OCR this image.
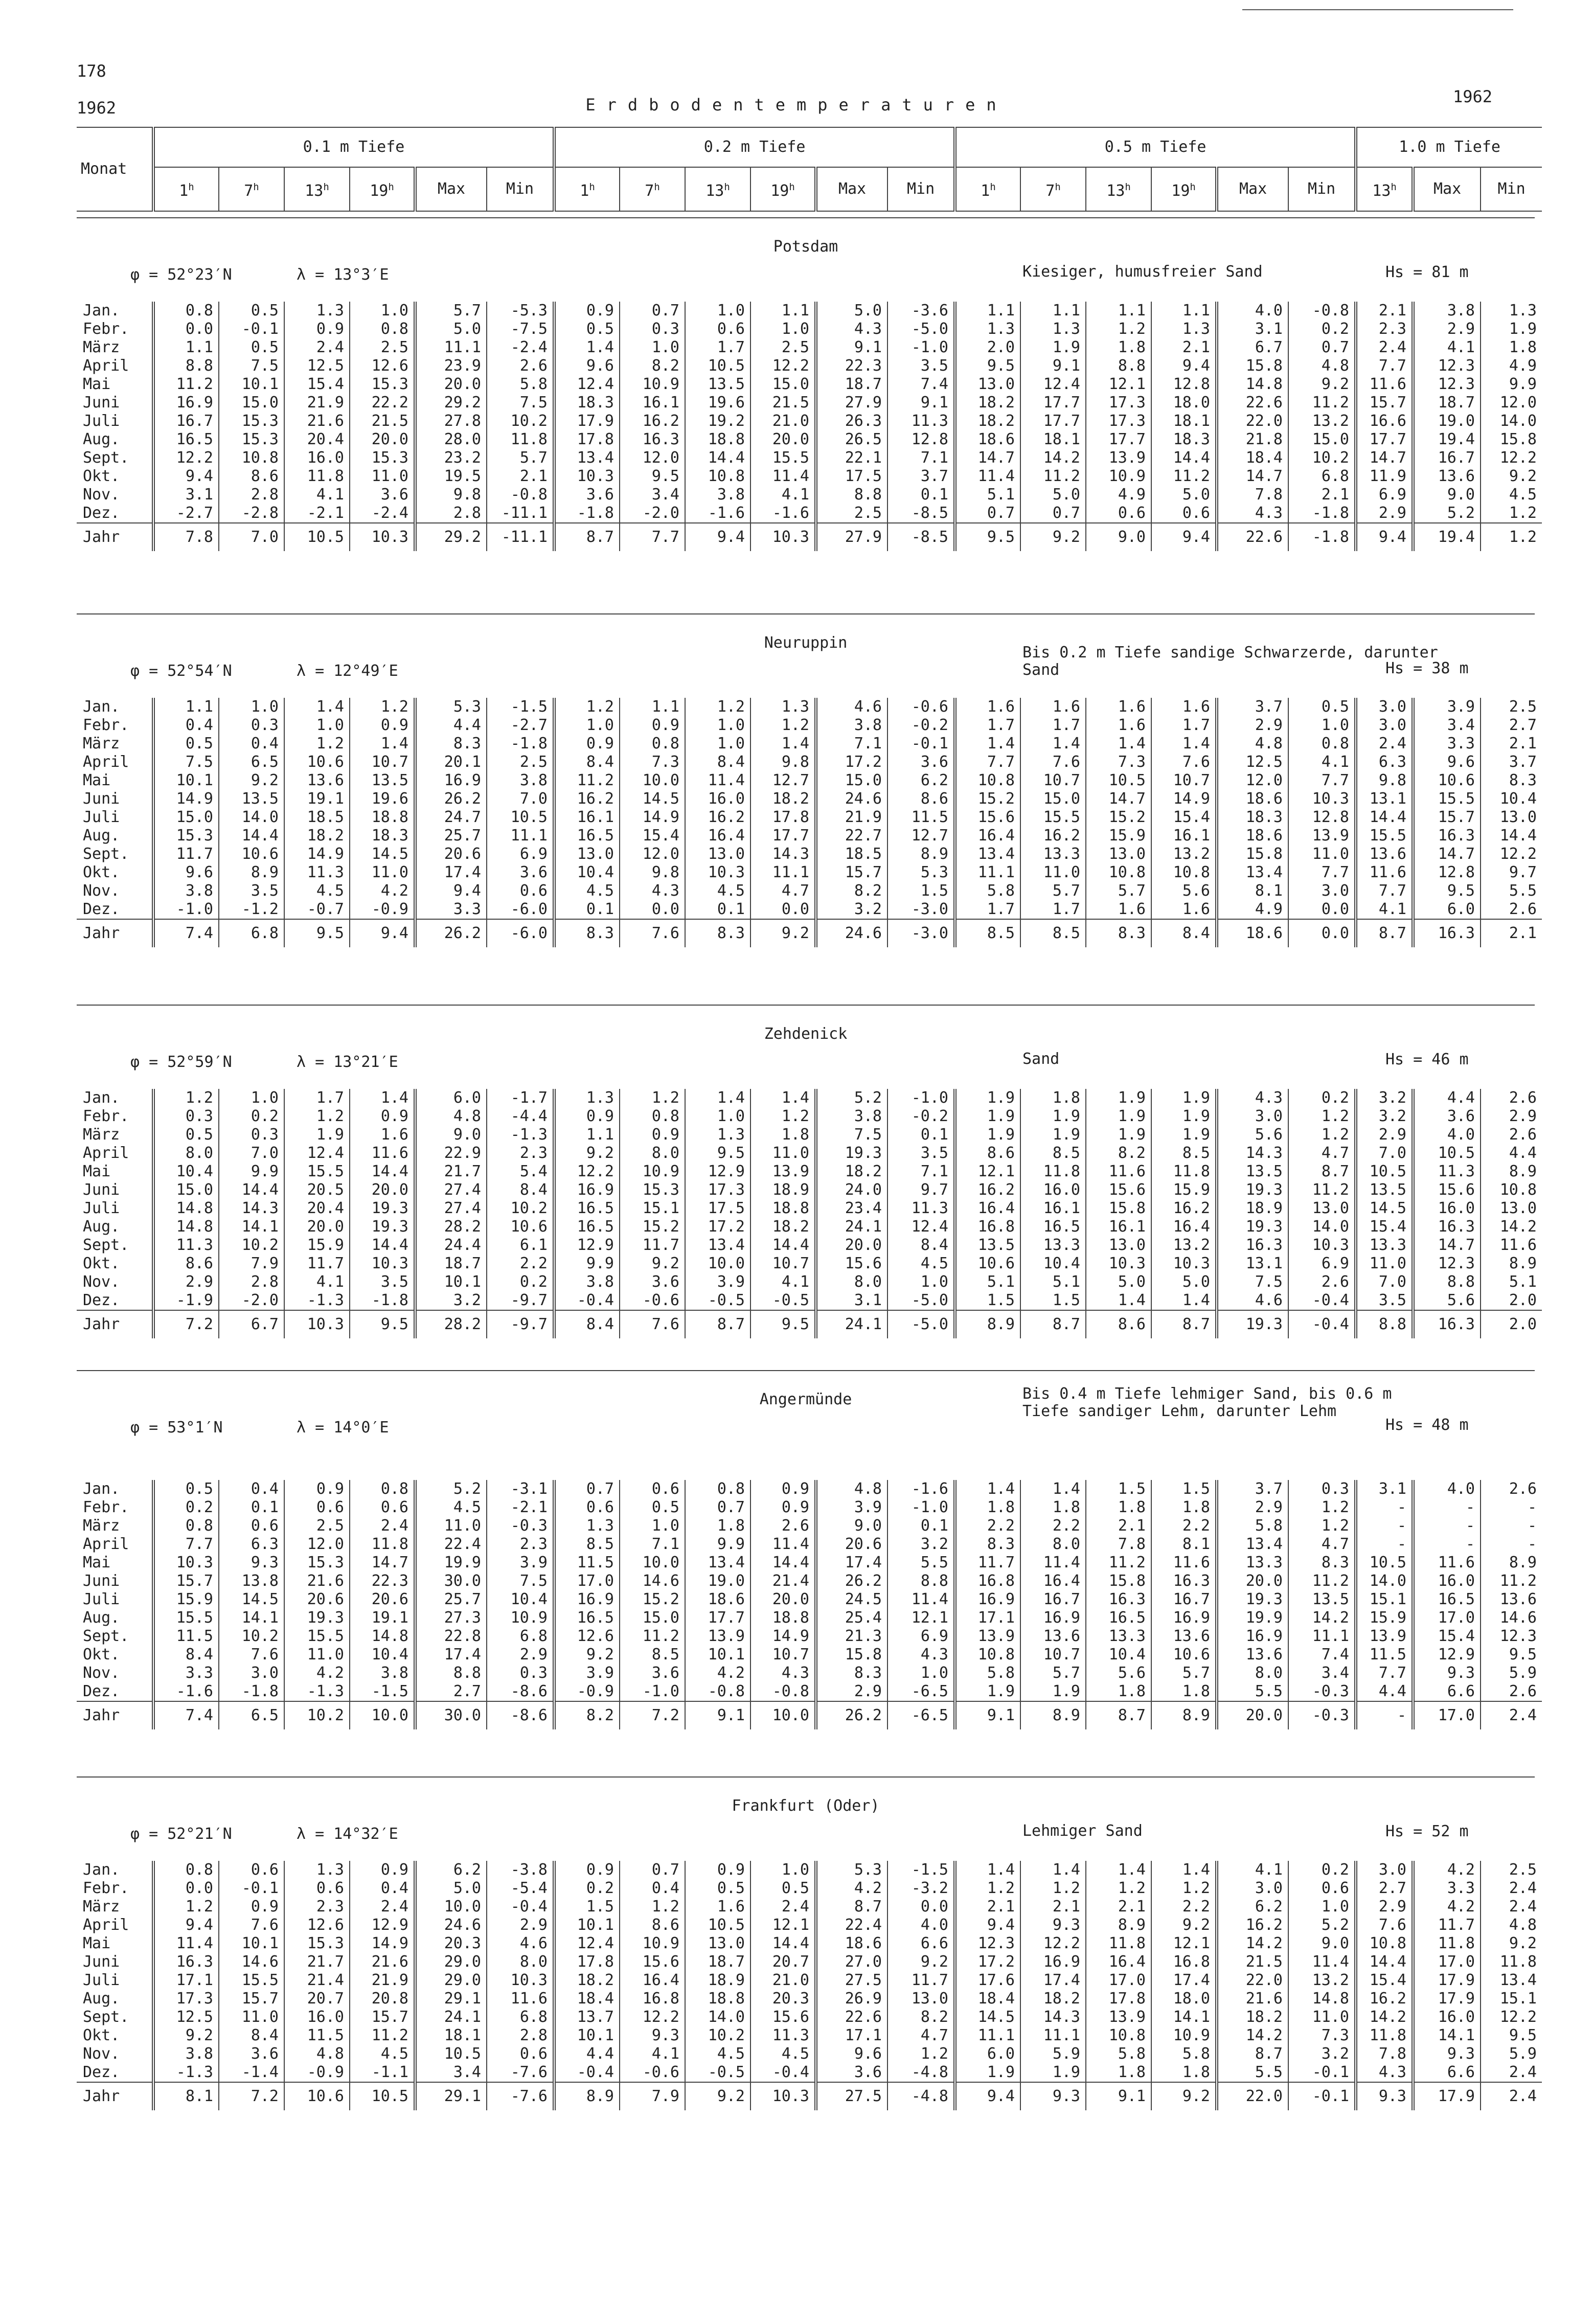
178
1962	Erdbodentemperaturen	1962
Monat	0.1 m Tiefe						0.2 m Tiefe						0.5 m Tiefe						1.0 m Tiefe		
	1$^h$	7$^h$	13$^h$	19$^h$	Max	Min	1$^h$	7$^h$	13$^h$	19$^h$	Max	Min	1$^h$	7$^h$	13$^h$	19$^h$	Max	Min	13$^h$	Max	Min
Potsdam
φ = 52°23′N	λ = 13°3′E	Kiesiger, humusfreier Sand	Hs = 81 m
Jan.	0.8	0.5	1.3	1.0	5.7	-5.3	0.9	0.7	1.0	1.1	5.0	-3.6	1.1	1.1	1.1	1.1	4.0	-0.8	2.1	3.8	1.3
Febr.	0.0	-0.1	0.9	0.8	5.0	-7.5	0.5	0.3	0.6	1.0	4.3	-5.0	1.3	1.3	1.2	1.3	3.1	0.2	2.3	2.9	1.9
März	1.1	0.5	2.4	2.5	11.1	-2.4	1.4	1.0	1.7	2.5	9.1	-1.0	2.0	1.9	1.8	2.1	6.7	0.7	2.4	4.1	1.8
April	8.8	7.5	12.5	12.6	23.9	2.6	9.6	8.2	10.5	12.2	22.3	3.5	9.5	9.1	8.8	9.4	15.8	4.8	7.7	12.3	4.9
Mai	11.2	10.1	15.4	15.3	20.0	5.8	12.4	10.9	13.5	15.0	18.7	7.4	13.0	12.4	12.1	12.8	14.8	9.2	11.6	12.3	9.9
Juni	16.9	15.0	21.9	22.2	29.2	7.5	18.3	16.1	19.6	21.5	27.9	9.1	18.2	17.7	17.3	18.0	22.6	11.2	15.7	18.7	12.0
Juli	16.7	15.3	21.6	21.5	27.8	10.2	17.9	16.2	19.2	21.0	26.3	11.3	18.2	17.7	17.3	18.1	22.0	13.2	16.6	19.0	14.0
Aug.	16.5	15.3	20.4	20.0	28.0	11.8	17.8	16.3	18.8	20.0	26.5	12.8	18.6	18.1	17.7	18.3	21.8	15.0	17.7	19.4	15.8
Sept.	12.2	10.8	16.0	15.3	23.2	5.7	13.4	12.0	14.4	15.5	22.1	7.1	14.7	14.2	13.9	14.4	18.4	10.2	14.7	16.7	12.2
Okt.	9.4	8.6	11.8	11.0	19.5	2.1	10.3	9.5	10.8	11.4	17.5	3.7	11.4	11.2	10.9	11.2	14.7	6.8	11.9	13.6	9.2
Nov.	3.1	2.8	4.1	3.6	9.8	-0.8	3.6	3.4	3.8	4.1	8.8	0.1	5.1	5.0	4.9	5.0	7.8	2.1	6.9	9.0	4.5
Dez.	-2.7	-2.8	-2.1	-2.4	2.8	-11.1	-1.8	-2.0	-1.6	-1.6	2.5	-8.5	0.7	0.7	0.6	0.6	4.3	-1.8	2.9	5.2	1.2
Jahr	7.8	7.0	10.5	10.3	29.2	-11.1	8.7	7.7	9.4	10.3	27.9	-8.5	9.5	9.2	9.0	9.4	22.6	-1.8	9.4	19.4	1.2
Neuruppin
φ = 52°54′N	λ = 12°49′E
Bis 0.2 m Tiefe sandige Schwarzerde, darunter Sand	Hs = 38 m
Jan.	1.1	1.0	1.4	1.2	5.3	-1.5	1.2	1.1	1.2	1.3	4.6	-0.6	1.6	1.6	1.6	1.6	3.7	0.5	3.0	3.9	2.5
Febr.	0.4	0.3	1.0	0.9	4.4	-2.7	1.0	0.9	1.0	1.2	3.8	-0.2	1.7	1.7	1.6	1.7	2.9	1.0	3.0	3.4	2.7
März	0.5	0.4	1.2	1.4	8.3	-1.8	0.9	0.8	1.0	1.4	7.1	-0.1	1.4	1.4	1.4	1.4	4.8	0.8	2.4	3.3	2.1
April	7.5	6.5	10.6	10.7	20.1	2.5	8.4	7.3	8.4	9.8	17.2	3.6	7.7	7.6	7.3	7.6	12.5	4.1	6.3	9.6	3.7
Mai	10.1	9.2	13.6	13.5	16.9	3.8	11.2	10.0	11.4	12.7	15.0	6.2	10.8	10.7	10.5	10.7	12.0	7.7	9.8	10.6	8.3
Juni	14.9	13.5	19.1	19.6	26.2	7.0	16.2	14.5	16.0	18.2	24.6	8.6	15.2	15.0	14.7	14.9	18.6	10.3	13.1	15.5	10.4
Juli	15.0	14.0	18.5	18.8	24.7	10.5	16.1	14.9	16.2	17.8	21.9	11.5	15.6	15.5	15.2	15.4	18.3	12.8	14.4	15.7	13.0
Aug.	15.3	14.4	18.2	18.3	25.7	11.1	16.5	15.4	16.4	17.7	22.7	12.7	16.4	16.2	15.9	16.1	18.6	13.9	15.5	16.3	14.4
Sept.	11.7	10.6	14.9	14.5	20.6	6.9	13.0	12.0	13.0	14.3	18.5	8.9	13.4	13.3	13.0	13.2	15.8	11.0	13.6	14.7	12.2
Okt.	9.6	8.9	11.3	11.0	17.4	3.6	10.4	9.8	10.3	11.1	15.7	5.3	11.1	11.0	10.8	10.8	13.4	7.7	11.6	12.8	9.7
Nov.	3.8	3.5	4.5	4.2	9.4	0.6	4.5	4.3	4.5	4.7	8.2	1.5	5.8	5.7	5.7	5.6	8.1	3.0	7.7	9.5	5.5
Dez.	-1.0	-1.2	-0.7	-0.9	3.3	-6.0	0.1	0.0	0.1	0.0	3.2	-3.0	1.7	1.7	1.6	1.6	4.9	0.0	4.1	6.0	2.6
Jahr	7.4	6.8	9.5	9.4	26.2	-6.0	8.3	7.6	8.3	9.2	24.6	-3.0	8.5	8.5	8.3	8.4	18.6	0.0	8.7	16.3	2.1
Zehdenick
φ = 52°59′N	λ = 13°21′E	Sand	Hs = 46 m
Jan.	1.2	1.0	1.7	1.4	6.0	-1.7	1.3	1.2	1.4	1.4	5.2	-1.0	1.9	1.8	1.9	1.9	4.3	0.2	3.2	4.4	2.6
Febr.	0.3	0.2	1.2	0.9	4.8	-4.4	0.9	0.8	1.0	1.2	3.8	-0.2	1.9	1.9	1.9	1.9	3.0	1.2	3.2	3.6	2.9
März	0.5	0.3	1.9	1.6	9.0	-1.3	1.1	0.9	1.3	1.8	7.5	0.1	1.9	1.9	1.9	1.9	5.6	1.2	2.9	4.0	2.6
April	8.0	7.0	12.4	11.6	22.9	2.3	9.2	8.0	9.5	11.0	19.3	3.5	8.6	8.5	8.2	8.5	14.3	4.7	7.0	10.5	4.4
Mai	10.4	9.9	15.5	14.4	21.7	5.4	12.2	10.9	12.9	13.9	18.2	7.1	12.1	11.8	11.6	11.8	13.5	8.7	10.5	11.3	8.9
Juni	15.0	14.4	20.5	20.0	27.4	8.4	16.9	15.3	17.3	18.9	24.0	9.7	16.2	16.0	15.6	15.9	19.3	11.2	13.5	15.6	10.8
Juli	14.8	14.3	20.4	19.3	27.4	10.2	16.5	15.1	17.5	18.8	23.4	11.3	16.4	16.1	15.8	16.2	18.9	13.0	14.5	16.0	13.0
Aug.	14.8	14.1	20.0	19.3	28.2	10.6	16.5	15.2	17.2	18.2	24.1	12.4	16.8	16.5	16.1	16.4	19.3	14.0	15.4	16.3	14.2
Sept.	11.3	10.2	15.9	14.4	24.4	6.1	12.9	11.7	13.4	14.4	20.0	8.4	13.5	13.3	13.0	13.2	16.3	10.3	13.3	14.7	11.6
Okt.	8.6	7.9	11.7	10.3	18.7	2.2	9.9	9.2	10.0	10.7	15.6	4.5	10.6	10.4	10.3	10.3	13.1	6.9	11.0	12.3	8.9
Nov.	2.9	2.8	4.1	3.5	10.1	0.2	3.8	3.6	3.9	4.1	8.0	1.0	5.1	5.1	5.0	5.0	7.5	2.6	7.0	8.8	5.1
Dez.	-1.9	-2.0	-1.3	-1.8	3.2	-9.7	-0.4	-0.6	-0.5	-0.5	3.1	-5.0	1.5	1.5	1.4	1.4	4.6	-0.4	3.5	5.6	2.0
Jahr	7.2	6.7	10.3	9.5	28.2	-9.7	8.4	7.6	8.7	9.5	24.1	-5.0	8.9	8.7	8.6	8.7	19.3	-0.4	8.8	16.3	2.0
Angermünde
φ = 53°1′N	λ = 14°0′E
Bis 0.4 m Tiefe lehmiger Sand, bis 0.6 m Tiefe sandiger Lehm, darunter Lehm
Hs = 48 m
Jan.	0.5	0.4	0.9	0.8	5.2	-3.1	0.7	0.6	0.8	0.9	4.8	-1.6	1.4	1.4	1.5	1.5	3.7	0.3	3.1	4.0	2.6
Febr.	0.2	0.1	0.6	0.6	4.5	-2.1	0.6	0.5	0.7	0.9	3.9	-1.0	1.8	1.8	1.8	1.8	2.9	1.2	-	-	-
März	0.8	0.6	2.5	2.4	11.0	-0.3	1.3	1.0	1.8	2.6	9.0	0.1	2.2	2.2	2.1	2.2	5.8	1.2	-	-	-
April	7.7	6.3	12.0	11.8	22.4	2.3	8.5	7.1	9.9	11.4	20.6	3.2	8.3	8.0	7.8	8.1	13.4	4.7	-	-	-
Mai	10.3	9.3	15.3	14.7	19.9	3.9	11.5	10.0	13.4	14.4	17.4	5.5	11.7	11.4	11.2	11.6	13.3	8.3	10.5	11.6	8.9
Juni	15.7	13.8	21.6	22.3	30.0	7.5	17.0	14.6	19.0	21.4	26.2	8.8	16.8	16.4	15.8	16.3	20.0	11.2	14.0	16.0	11.2
Juli	15.9	14.5	20.6	20.6	25.7	10.4	16.9	15.2	18.6	20.0	24.5	11.4	16.9	16.7	16.3	16.7	19.3	13.5	15.1	16.5	13.6
Aug.	15.5	14.1	19.3	19.1	27.3	10.9	16.5	15.0	17.7	18.8	25.4	12.1	17.1	16.9	16.5	16.9	19.9	14.2	15.9	17.0	14.6
Sept.	11.5	10.2	15.5	14.8	22.8	6.8	12.6	11.2	13.9	14.9	21.3	6.9	13.9	13.6	13.3	13.6	16.9	11.1	13.9	15.4	12.3
Okt.	8.4	7.6	11.0	10.4	17.4	2.9	9.2	8.5	10.1	10.7	15.8	4.3	10.8	10.7	10.4	10.6	13.6	7.4	11.5	12.9	9.5
Nov.	3.3	3.0	4.2	3.8	8.8	0.3	3.9	3.6	4.2	4.3	8.3	1.0	5.8	5.7	5.6	5.7	8.0	3.4	7.7	9.3	5.9
Dez.	-1.6	-1.8	-1.3	-1.5	2.7	-8.6	-0.9	-1.0	-0.8	-0.8	2.9	-6.5	1.9	1.9	1.8	1.8	5.5	-0.3	4.4	6.6	2.6
Jahr	7.4	6.5	10.2	10.0	30.0	-8.6	8.2	7.2	9.1	10.0	26.2	-6.5	9.1	8.9	8.7	8.9	20.0	-0.3	-	17.0	2.4
Frankfurt (Oder)
φ = 52°21′N	λ = 14°32′E	Lehmiger Sand	Hs = 52 m
Jan.	0.8	0.6	1.3	0.9	6.2	-3.8	0.9	0.7	0.9	1.0	5.3	-1.5	1.4	1.4	1.4	1.4	4.1	0.2	3.0	4.2	2.5
Febr.	0.0	-0.1	0.6	0.4	5.0	-5.4	0.2	0.4	0.5	0.5	4.2	-3.2	1.2	1.2	1.2	1.2	3.0	0.6	2.7	3.3	2.4
März	1.2	0.9	2.3	2.4	10.0	-0.4	1.5	1.2	1.6	2.4	8.7	0.0	2.1	2.1	2.1	2.2	6.2	1.0	2.9	4.2	2.4
April	9.4	7.6	12.6	12.9	24.6	2.9	10.1	8.6	10.5	12.1	22.4	4.0	9.4	9.3	8.9	9.2	16.2	5.2	7.6	11.7	4.8
Mai	11.4	10.1	15.3	14.9	20.3	4.6	12.4	10.9	13.0	14.4	18.6	6.6	12.3	12.2	11.8	12.1	14.2	9.0	10.8	11.8	9.2
Juni	16.3	14.6	21.7	21.6	29.0	8.0	17.8	15.6	18.7	20.7	27.0	9.2	17.2	16.9	16.4	16.8	21.5	11.4	14.4	17.0	11.8
Juli	17.1	15.5	21.4	21.9	29.0	10.3	18.2	16.4	18.9	21.0	27.5	11.7	17.6	17.4	17.0	17.4	22.0	13.2	15.4	17.9	13.4
Aug.	17.3	15.7	20.7	20.8	29.1	11.6	18.4	16.8	18.8	20.3	26.9	13.0	18.4	18.2	17.8	18.0	21.6	14.8	16.2	17.9	15.1
Sept.	12.5	11.0	16.0	15.7	24.1	6.8	13.7	12.2	14.0	15.6	22.6	8.2	14.5	14.3	13.9	14.1	18.2	11.0	14.2	16.0	12.2
Okt.	9.2	8.4	11.5	11.2	18.1	2.8	10.1	9.3	10.2	11.3	17.1	4.7	11.1	11.1	10.8	10.9	14.2	7.3	11.8	14.1	9.5
Nov.	3.8	3.6	4.8	4.5	10.5	0.6	4.4	4.1	4.5	4.5	9.6	1.2	6.0	5.9	5.8	5.8	8.7	3.2	7.8	9.3	5.9
Dez.	-1.3	-1.4	-0.9	-1.1	3.4	-7.6	-0.4	-0.6	-0.5	-0.4	3.6	-4.8	1.9	1.9	1.8	1.8	5.5	-0.1	4.3	6.6	2.4
Jahr	8.1	7.2	10.6	10.5	29.1	-7.6	8.9	7.9	9.2	10.3	27.5	-4.8	9.4	9.3	9.1	9.2	22.0	-0.1	9.3	17.9	2.4
